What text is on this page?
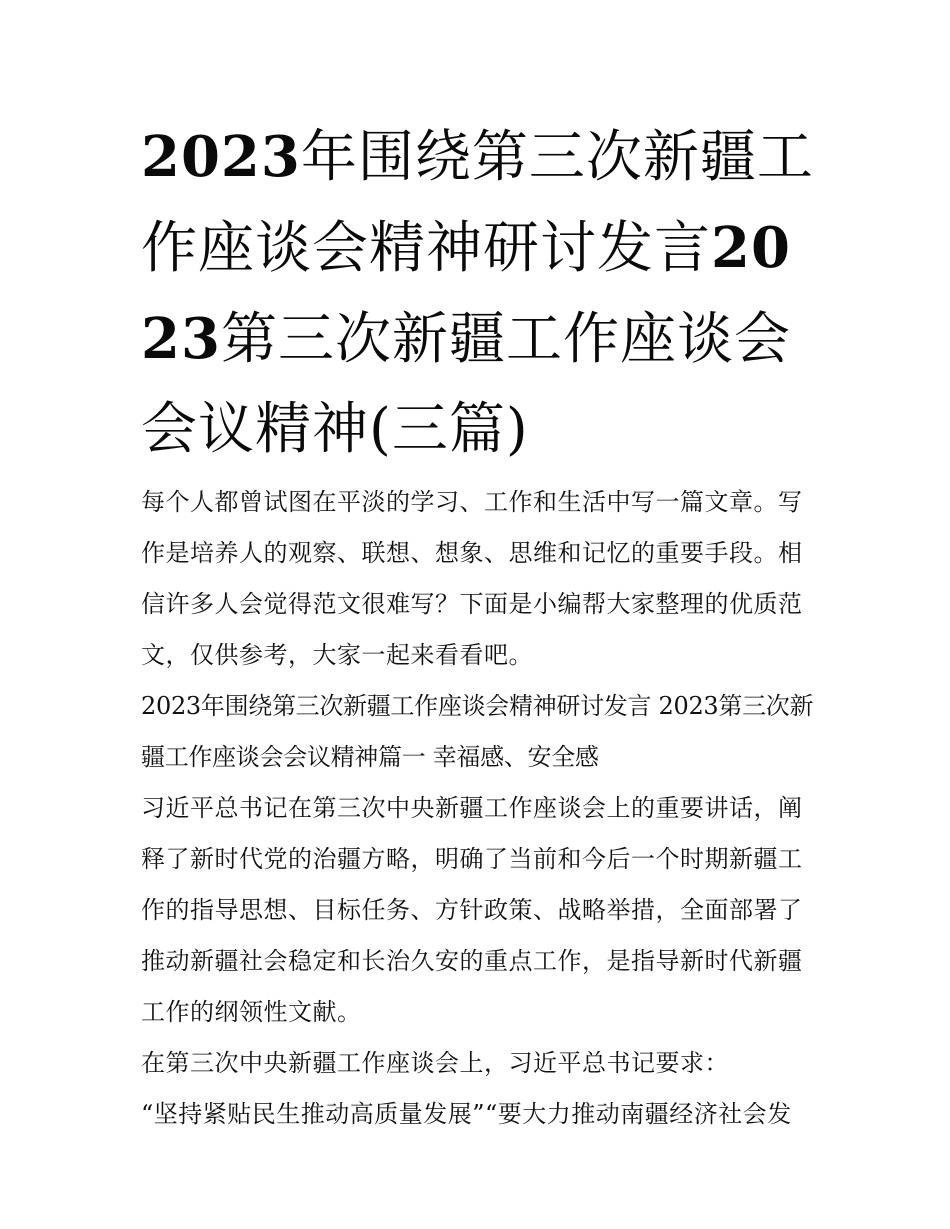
2023年围绕第三次新疆工作座谈会精神研讨发言2023第三次新疆工作座谈会会议精神(三篇)

每个人都曾试图在平淡的学习、工作和生活中写一篇文章。写作是培养人的观察、联想、想象、思维和记忆的重要手段。相信许多人会觉得范文很难写？下面是小编帮大家整理的优质范文，仅供参考，大家一起来看看吧。

2023年围绕第三次新疆工作座谈会精神研讨发言 2023第三次新疆工作座谈会会议精神篇一 幸福感、安全感

习近平总书记在第三次中央新疆工作座谈会上的重要讲话，阐释了新时代党的治疆方略，明确了当前和今后一个时期新疆工作的指导思想、目标任务、方针政策、战略举措，全面部署了推动新疆社会稳定和长治久安的重点工作，是指导新时代新疆工作的纲领性文献。

在第三次中央新疆工作座谈会上，习近平总书记要求：

“坚持紧贴民生推动高质量发展”“要大力推动南疆经济社会发
